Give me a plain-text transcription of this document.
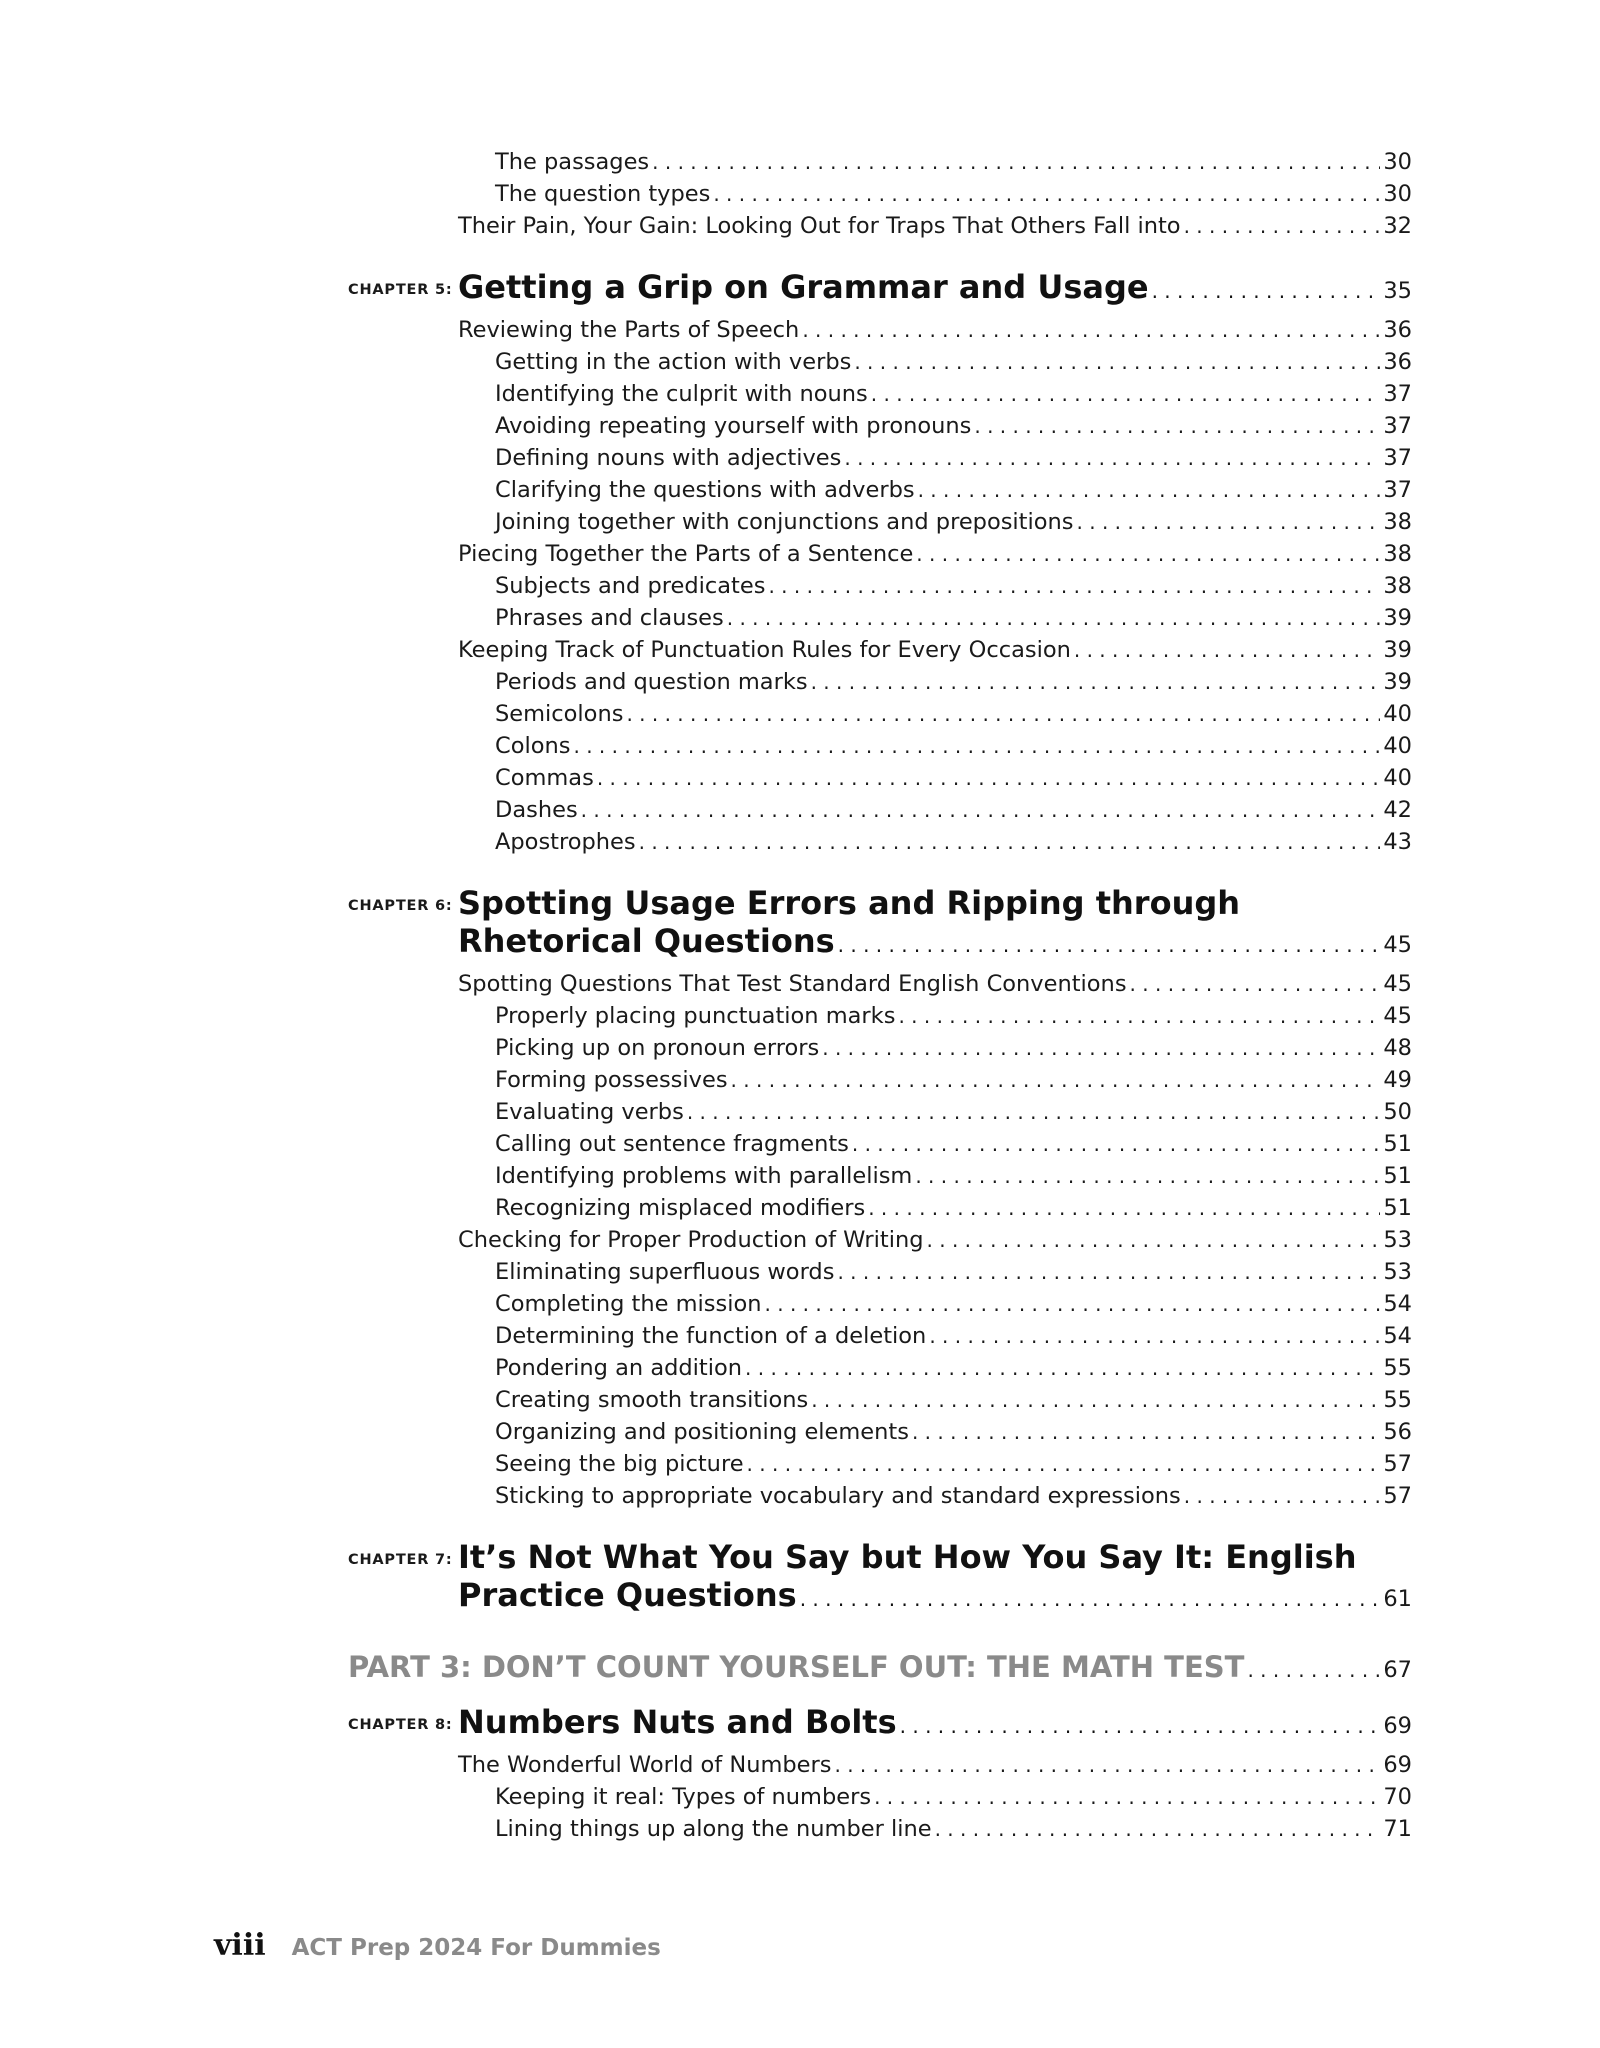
The passages . . .	30
The question types . . .	30
Their Pain, Your Gain: Looking Out for Traps That Others Fall into . . .	32
CHAPTER 5: Getting a Grip on Grammar and Usage . . .	35
Reviewing the Parts of Speech . . .	36
Getting in the action with verbs . . .	36
Identifying the culprit with nouns . . .	37
Avoiding repeating yourself with pronouns . . .	37
Defining nouns with adjectives . . .	37
Clarifying the questions with adverbs . . .	37
Joining together with conjunctions and prepositions . . .	38
Piecing Together the Parts of a Sentence . . .	38
Subjects and predicates . . .	38
Phrases and clauses . . .	39
Keeping Track of Punctuation Rules for Every Occasion . . .	39
Periods and question marks . . .	39
Semicolons . . .	40
Colons . . .	40
Commas . . .	40
Dashes . . .	42
Apostrophes . . .	43
CHAPTER 6: Spotting Usage Errors and Ripping through
Rhetorical Questions . . .	45
Spotting Questions That Test Standard English Conventions . . .	45
Properly placing punctuation marks . . .	45
Picking up on pronoun errors . . .	48
Forming possessives . . .	49
Evaluating verbs . . .	50
Calling out sentence fragments . . .	51
Identifying problems with parallelism . . .	51
Recognizing misplaced modifiers . . .	51
Checking for Proper Production of Writing . . .	53
Eliminating superfluous words . . .	53
Completing the mission . . .	54
Determining the function of a deletion . . .	54
Pondering an addition . . .	55
Creating smooth transitions . . .	55
Organizing and positioning elements . . .	56
Seeing the big picture . . .	57
Sticking to appropriate vocabulary and standard expressions . . .	57
CHAPTER 7: It’s Not What You Say but How You Say It: English
Practice Questions . . .	61
PART 3: DON’T COUNT YOURSELF OUT: THE MATH TEST . . .	67
CHAPTER 8: Numbers Nuts and Bolts . . .	69
The Wonderful World of Numbers . . .	69
Keeping it real: Types of numbers . . .	70
Lining things up along the number line . . .	71
viii ACT Prep 2024 For Dummies
